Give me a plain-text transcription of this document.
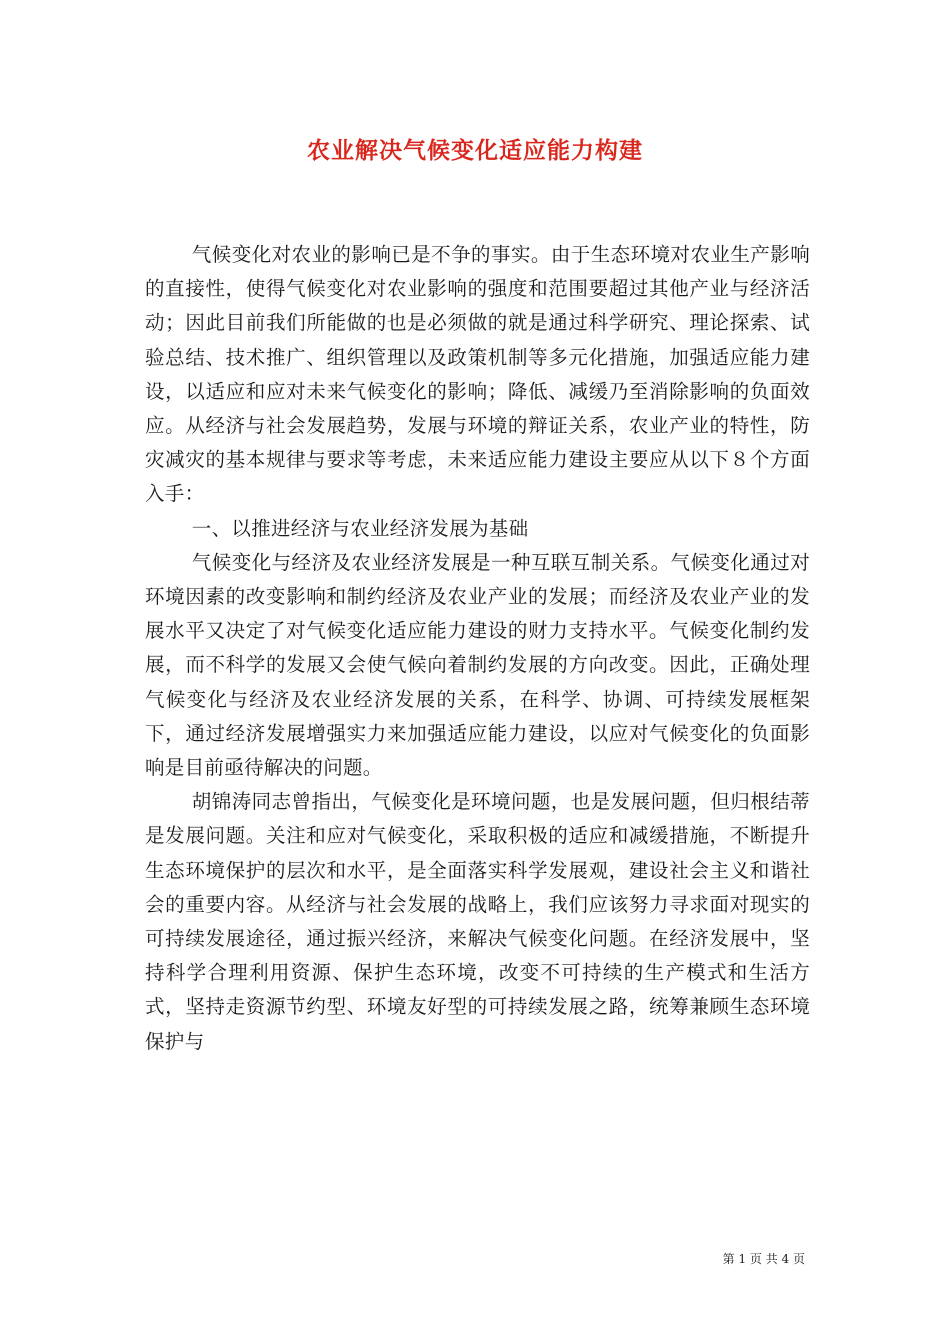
农业解决气候变化适应能力构建

气候变化对农业的影响已是不争的事实。由于生态环境对农业生产影响的直接性，使得气候变化对农业影响的强度和范围要超过其他产业与经济活动；因此目前我们所能做的也是必须做的就是通过科学研究、理论探索、试验总结、技术推广、组织管理以及政策机制等多元化措施，加强适应能力建设，以适应和应对未来气候变化的影响；降低、减缓乃至消除影响的负面效应。从经济与社会发展趋势，发展与环境的辩证关系，农业产业的特性，防灾减灾的基本规律与要求等考虑，未来适应能力建设主要应从以下８个方面入手：

一、以推进经济与农业经济发展为基础

气候变化与经济及农业经济发展是一种互联互制关系。气候变化通过对环境因素的改变影响和制约经济及农业产业的发展；而经济及农业产业的发展水平又决定了对气候变化适应能力建设的财力支持水平。气候变化制约发展，而不科学的发展又会使气候向着制约发展的方向改变。因此，正确处理气候变化与经济及农业经济发展的关系，在科学、协调、可持续发展框架下，通过经济发展增强实力来加强适应能力建设，以应对气候变化的负面影响是目前亟待解决的问题。

胡锦涛同志曾指出，气候变化是环境问题，也是发展问题，但归根结蒂是发展问题。关注和应对气候变化，采取积极的适应和减缓措施，不断提升生态环境保护的层次和水平，是全面落实科学发展观，建设社会主义和谐社会的重要内容。从经济与社会发展的战略上，我们应该努力寻求面对现实的可持续发展途径，通过振兴经济，来解决气候变化问题。在经济发展中，坚持科学合理利用资源、保护生态环境，改变不可持续的生产模式和生活方式，坚持走资源节约型、环境友好型的可持续发展之路，统筹兼顾生态环境保护与

第 1 页 共 4 页
